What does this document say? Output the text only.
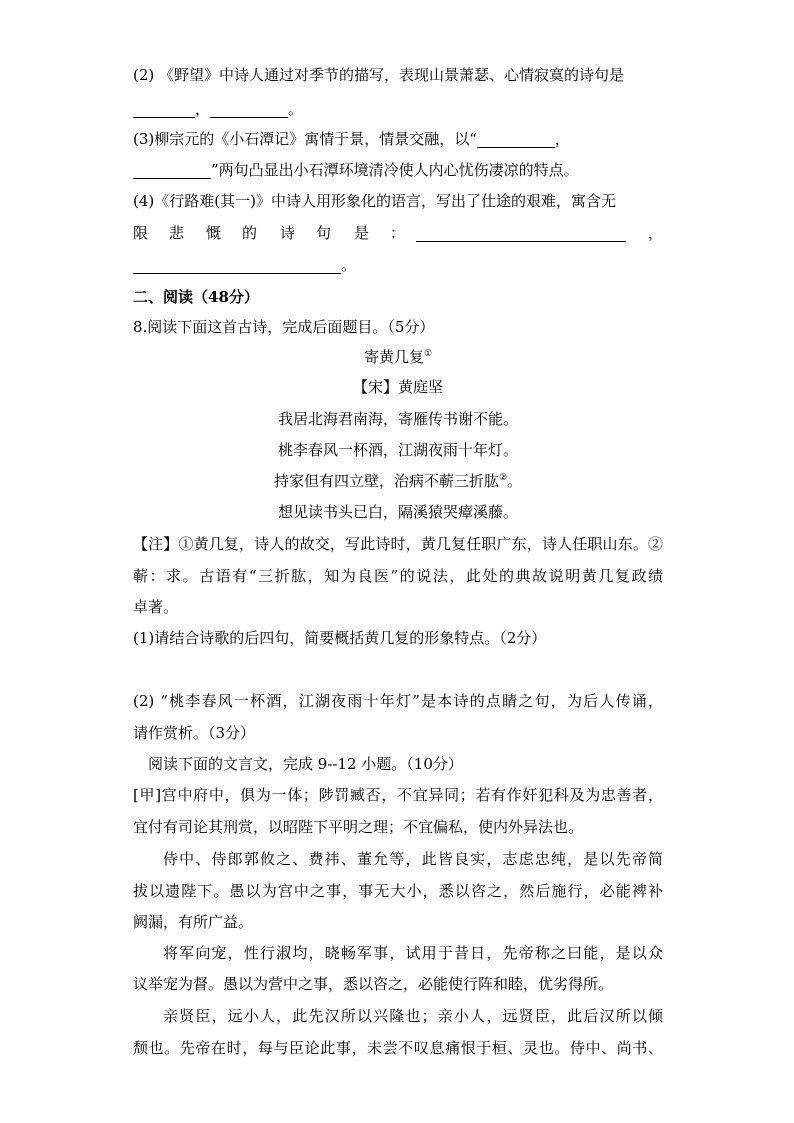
(2) 《野望》中诗人通过对季节的描写，表现山景萧瑟、心情寂寞的诗句是
，	。
(3)柳宗元的《小石潭记》寓情于景，情景交融，以“	，
”两句凸显出小石潭环境清冷使人内心忧伤凄凉的特点。
(4)《行路难(其一)》中诗人用形象化的语言，写出了仕途的艰难，寓含无
限 悲 慨 的 诗 句 是 ：	，
。
二、阅读（48分）
8.阅读下面这首古诗，完成后面题目。（5分）
寄黄几复①
【宋】黄庭坚
我居北海君南海，寄雁传书谢不能。
桃李春风一杯酒，江湖夜雨十年灯。
持家但有四立壁，治病不蕲三折肱②。
想见读书头已白，隔溪猿哭瘴溪藤。
【注】①黄几复，诗人的故交，写此诗时，黄几复任职广东，诗人任职山东。②
蕲：求。古语有“三折肱，知为良医”的说法，此处的典故说明黄几复政绩
卓著。
(1)请结合诗歌的后四句，简要概括黄几复的形象特点。（2分）
(2) “桃李春风一杯酒，江湖夜雨十年灯”是本诗的点睛之句，为后人传诵，
请作赏析。（3分）
阅读下面的文言文，完成 9--12 小题。（10分）
[甲]宫中府中，俱为一体；陟罚臧否，不宜异同；若有作奸犯科及为忠善者，
宜付有司论其刑赏，以昭陛下平明之理；不宜偏私，使内外异法也。
侍中、侍郎郭攸之、费祎、董允等，此皆良实，志虑忠纯，是以先帝简
拔以遗陛下。愚以为宫中之事，事无大小，悉以咨之，然后施行，必能裨补
阙漏，有所广益。
将军向宠，性行淑均，晓畅军事，试用于昔日，先帝称之曰能，是以众
议举宠为督。愚以为营中之事，悉以咨之，必能使行阵和睦，优劣得所。
亲贤臣，远小人，此先汉所以兴隆也；亲小人，远贤臣，此后汉所以倾
颓也。先帝在时，每与臣论此事，未尝不叹息痛恨于桓、灵也。侍中、尚书、
